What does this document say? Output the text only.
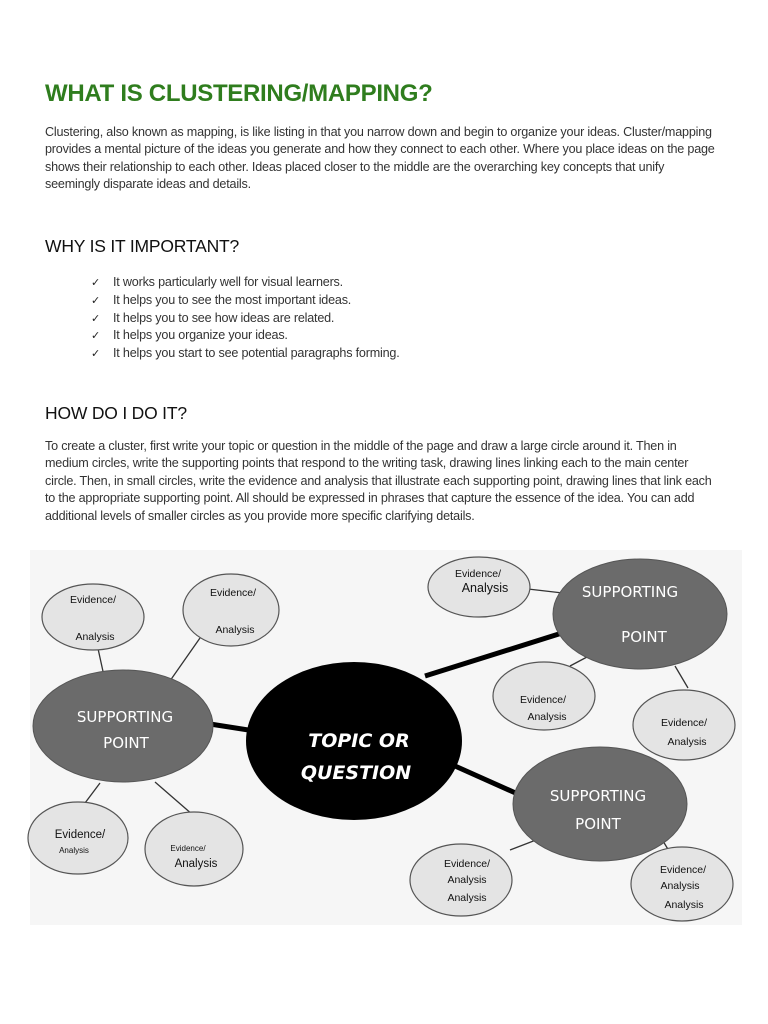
WHAT IS CLUSTERING/MAPPING?

Clustering, also known as mapping, is like listing in that you narrow down and begin to organize your ideas. Cluster/mapping provides a mental picture of the ideas you generate and how they connect to each other. Where you place ideas on the page shows their relationship to each other. Ideas placed closer to the middle are the overarching key concepts that unify seemingly disparate ideas and details.

WHY IS IT IMPORTANT?
✓ It works particularly well for visual learners.
✓ It helps you to see the most important ideas.
✓ It helps you to see how ideas are related.
✓ It helps you organize your ideas.
✓ It helps you start to see potential paragraphs forming.
HOW DO I DO IT?

To create a cluster, first write your topic or question in the middle of the page and draw a large circle around it. Then in medium circles, write the supporting points that respond to the writing task, drawing lines linking each to the main center circle. Then, in small circles, write the evidence and analysis that illustrate each supporting point, drawing lines that link each to the appropriate supporting point. All should be expressed in phrases that capture the essence of the idea. You can add additional levels of smaller circles as you provide more specific clarifying details.

TOPIC OR
QUESTION
SUPPORTING
POINT
SUPPORTING
POINT
SUPPORTING
POINT
Evidence/
Analysis
Evidence/
Analysis
Evidence/
Analysis
Evidence/
Analysis	Evidence/
Analysis
Evidence/
Analysis	Evidence/
Analysis	Evidence/
Analysis
Analysis
Evidence/
Analysis
Analysis
